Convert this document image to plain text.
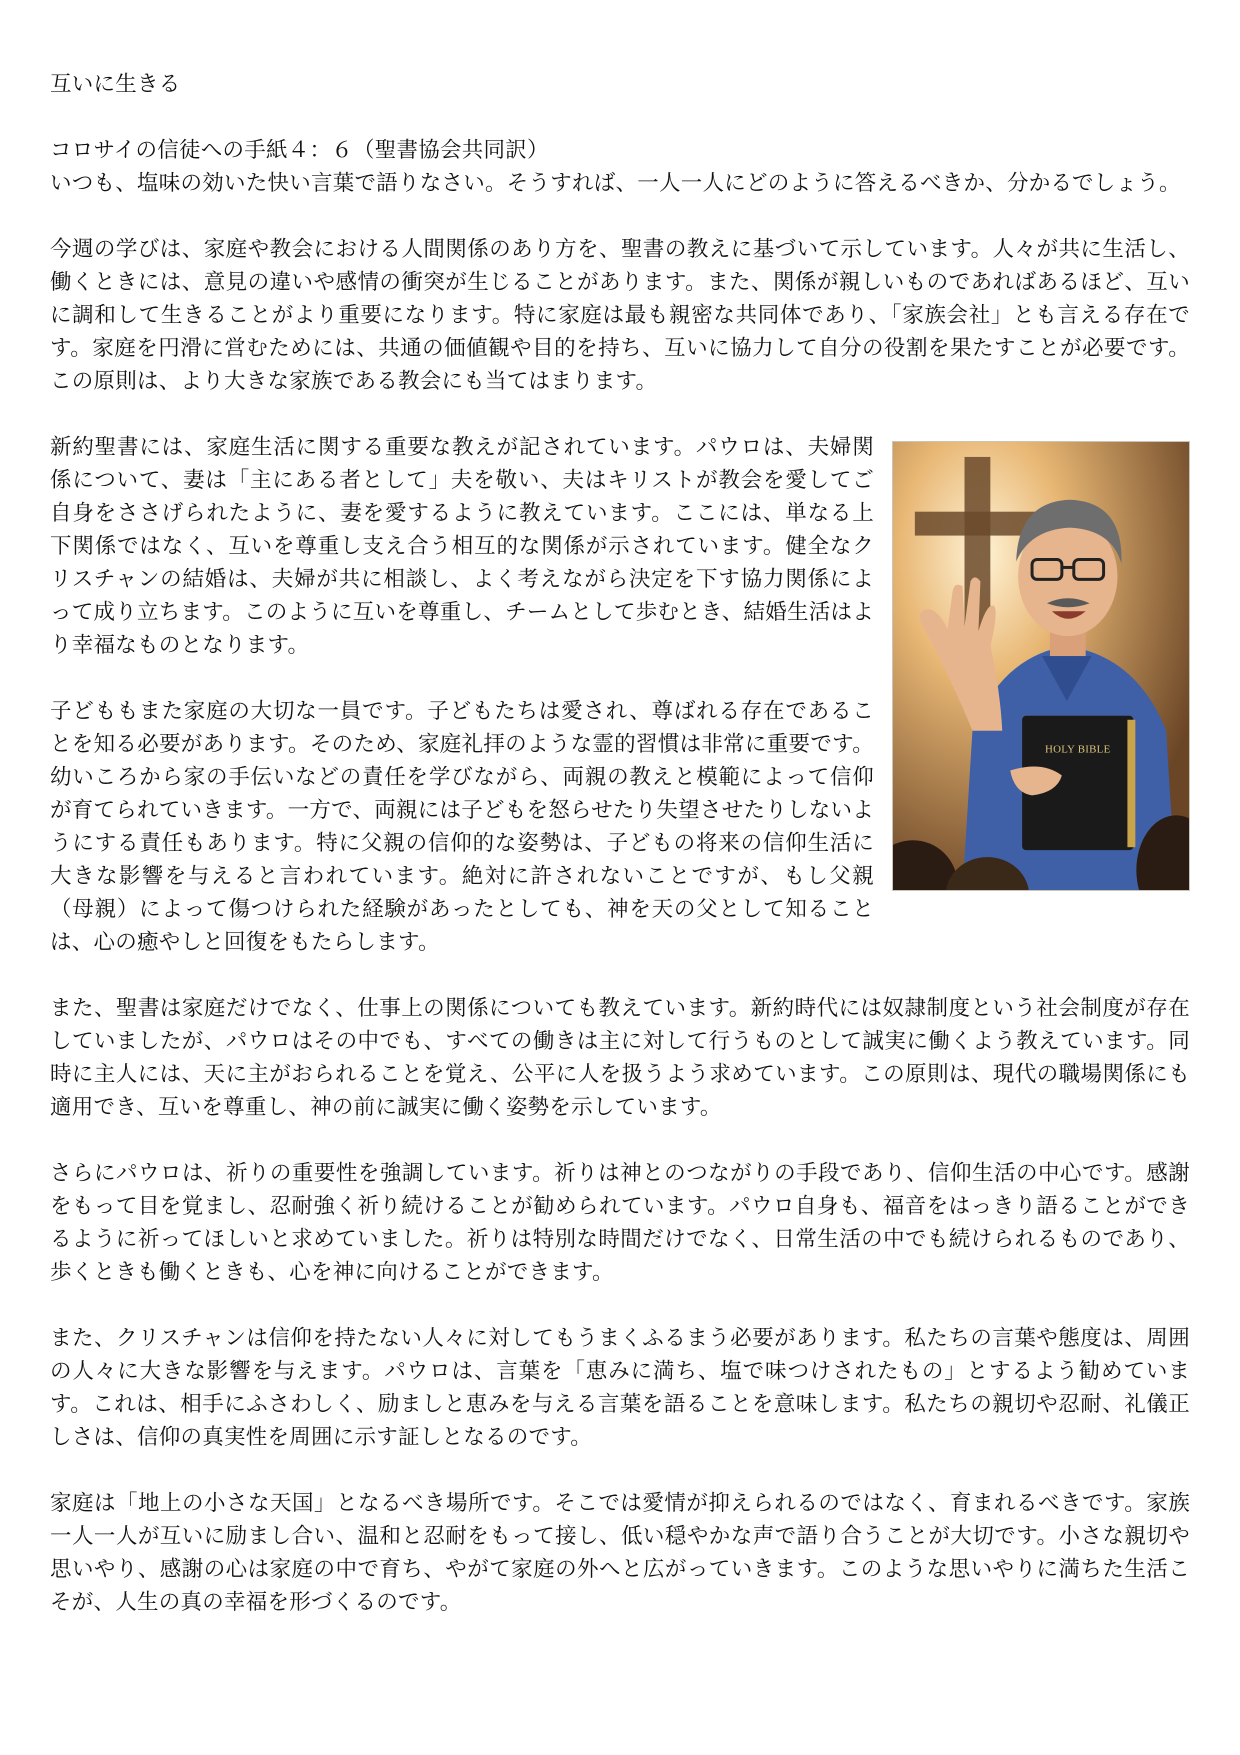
互いに生きる

コロサイの信徒への手紙４：６（聖書協会共同訳）

いつも、塩味の効いた快い言葉で語りなさい。そうすれば、一人一人にどのように答えるべきか、分かるでしょう。

今週の学びは、家庭や教会における人間関係のあり方を、聖書の教えに基づいて示しています。人々が共に生活し、働くときには、意見の違いや感情の衝突が生じることがあります。また、関係が親しいものであればあるほど、互いに調和して生きることがより重要になります。特に家庭は最も親密な共同体であり、「家族会社」とも言える存在です。家庭を円滑に営むためには、共通の価値観や目的を持ち、互いに協力して自分の役割を果たすことが必要です。この原則は、より大きな家族である教会にも当てはまります。

HOLY BIBLE

新約聖書には、家庭生活に関する重要な教えが記されています。パウロは、夫婦関係について、妻は「主にある者として」夫を敬い、夫はキリストが教会を愛してご自身をささげられたように、妻を愛するように教えています。ここには、単なる上下関係ではなく、互いを尊重し支え合う相互的な関係が示されています。健全なクリスチャンの結婚は、夫婦が共に相談し、よく考えながら決定を下す協力関係によって成り立ちます。このように互いを尊重し、チームとして歩むとき、結婚生活はより幸福なものとなります。

子どももまた家庭の大切な一員です。子どもたちは愛され、尊ばれる存在であることを知る必要があります。そのため、家庭礼拝のような霊的習慣は非常に重要です。幼いころから家の手伝いなどの責任を学びながら、両親の教えと模範によって信仰が育てられていきます。一方で、両親には子どもを怒らせたり失望させたりしないようにする責任もあります。特に父親の信仰的な姿勢は、子どもの将来の信仰生活に大きな影響を与えると言われています。絶対に許されないことですが、もし父親（母親）によって傷つけられた経験があったとしても、神を天の父として知ることは、心の癒やしと回復をもたらします。

また、聖書は家庭だけでなく、仕事上の関係についても教えています。新約時代には奴隷制度という社会制度が存在していましたが、パウロはその中でも、すべての働きは主に対して行うものとして誠実に働くよう教えています。同時に主人には、天に主がおられることを覚え、公平に人を扱うよう求めています。この原則は、現代の職場関係にも適用でき、互いを尊重し、神の前に誠実に働く姿勢を示しています。

さらにパウロは、祈りの重要性を強調しています。祈りは神とのつながりの手段であり、信仰生活の中心です。感謝をもって目を覚まし、忍耐強く祈り続けることが勧められています。パウロ自身も、福音をはっきり語ることができるように祈ってほしいと求めていました。祈りは特別な時間だけでなく、日常生活の中でも続けられるものであり、歩くときも働くときも、心を神に向けることができます。

また、クリスチャンは信仰を持たない人々に対してもうまくふるまう必要があります。私たちの言葉や態度は、周囲の人々に大きな影響を与えます。パウロは、言葉を「恵みに満ち、塩で味つけされたもの」とするよう勧めています。これは、相手にふさわしく、励ましと恵みを与える言葉を語ることを意味します。私たちの親切や忍耐、礼儀正しさは、信仰の真実性を周囲に示す証しとなるのです。

家庭は「地上の小さな天国」となるべき場所です。そこでは愛情が抑えられるのではなく、育まれるべきです。家族一人一人が互いに励まし合い、温和と忍耐をもって接し、低い穏やかな声で語り合うことが大切です。小さな親切や思いやり、感謝の心は家庭の中で育ち、やがて家庭の外へと広がっていきます。このような思いやりに満ちた生活こそが、人生の真の幸福を形づくるのです。
